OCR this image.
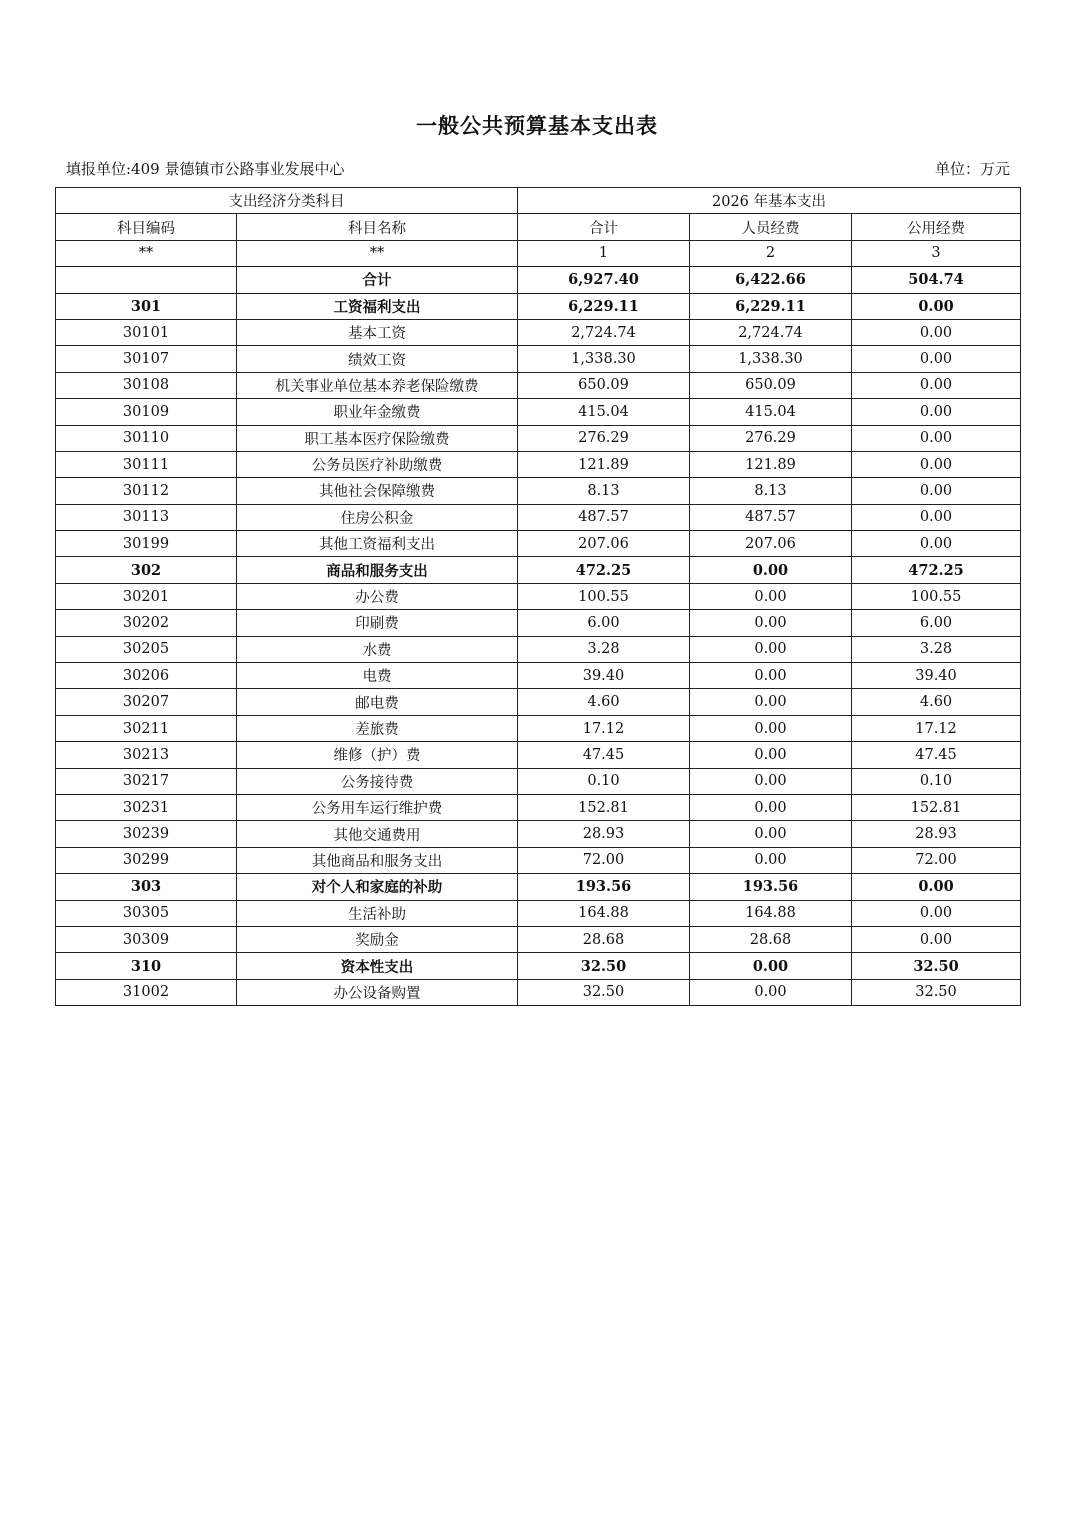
一般公共预算基本支出表
填报单位:409 景德镇市公路事业发展中心	单位：万元
支出经济分类科目		2026 年基本支出		
科目编码	科目名称	合计	人员经费	公用经费
**	**	1	2	3
	合计	6,927.40	6,422.66	504.74
301	工资福利支出	6,229.11	6,229.11	0.00
30101	基本工资	2,724.74	2,724.74	0.00
30107	绩效工资	1,338.30	1,338.30	0.00
30108	机关事业单位基本养老保险缴费	650.09	650.09	0.00
30109	职业年金缴费	415.04	415.04	0.00
30110	职工基本医疗保险缴费	276.29	276.29	0.00
30111	公务员医疗补助缴费	121.89	121.89	0.00
30112	其他社会保障缴费	8.13	8.13	0.00
30113	住房公积金	487.57	487.57	0.00
30199	其他工资福利支出	207.06	207.06	0.00
302	商品和服务支出	472.25	0.00	472.25
30201	办公费	100.55	0.00	100.55
30202	印刷费	6.00	0.00	6.00
30205	水费	3.28	0.00	3.28
30206	电费	39.40	0.00	39.40
30207	邮电费	4.60	0.00	4.60
30211	差旅费	17.12	0.00	17.12
30213	维修（护）费	47.45	0.00	47.45
30217	公务接待费	0.10	0.00	0.10
30231	公务用车运行维护费	152.81	0.00	152.81
30239	其他交通费用	28.93	0.00	28.93
30299	其他商品和服务支出	72.00	0.00	72.00
303	对个人和家庭的补助	193.56	193.56	0.00
30305	生活补助	164.88	164.88	0.00
30309	奖励金	28.68	28.68	0.00
310	资本性支出	32.50	0.00	32.50
31002	办公设备购置	32.50	0.00	32.50
